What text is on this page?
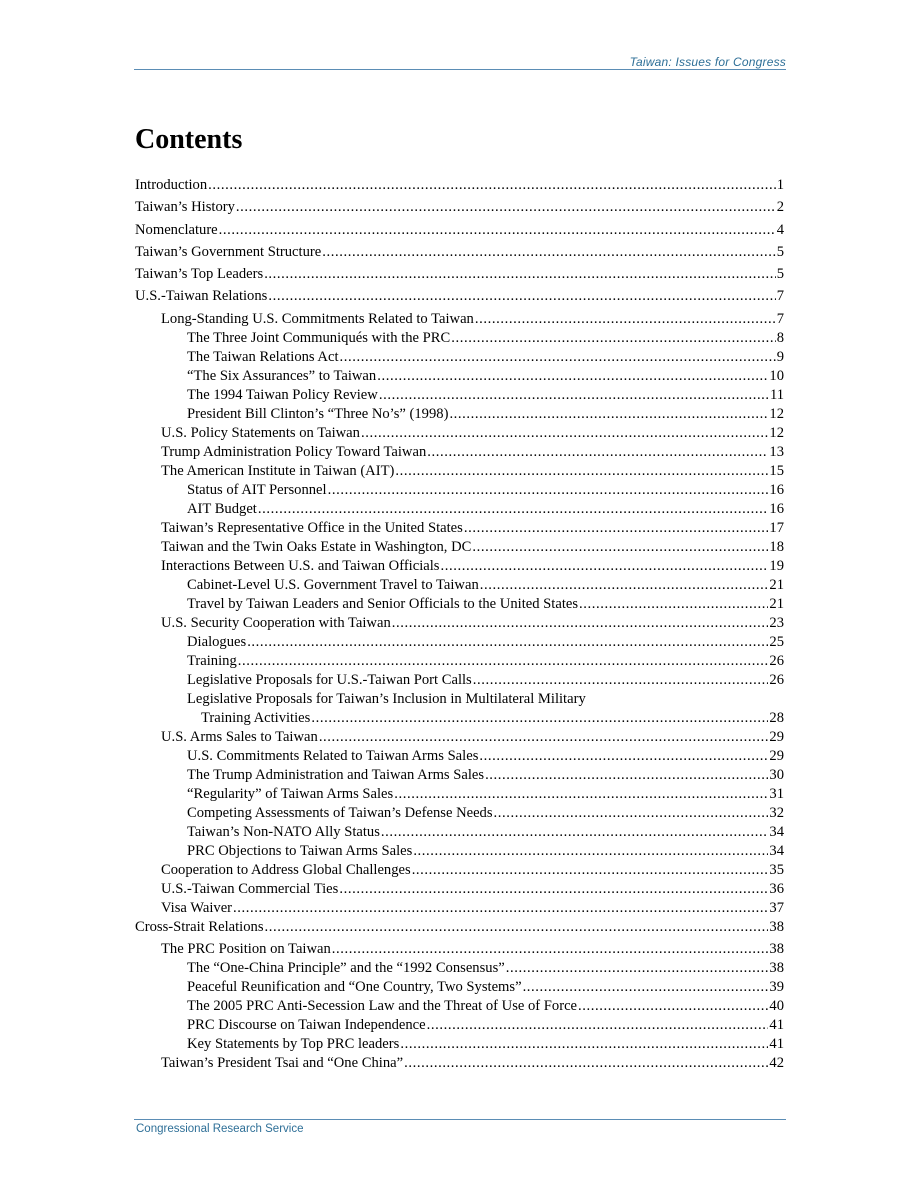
Taiwan: Issues for Congress
Contents
Introduction .....	1
Taiwan’s History .....	2
Nomenclature .....	4
Taiwan’s Government Structure .....	5
Taiwan’s Top Leaders .....	5
U.S.-Taiwan Relations .....	7
Long-Standing U.S. Commitments Related to Taiwan .....	7
The Three Joint Communiqués with the PRC .....	8
The Taiwan Relations Act .....	9
“The Six Assurances” to Taiwan .....	10
The 1994 Taiwan Policy Review .....	11
President Bill Clinton’s “Three No’s” (1998) .....	12
U.S. Policy Statements on Taiwan .....	12
Trump Administration Policy Toward Taiwan .....	13
The American Institute in Taiwan (AIT) .....	15
Status of AIT Personnel .....	16
AIT Budget .....	16
Taiwan’s Representative Office in the United States .....	17
Taiwan and the Twin Oaks Estate in Washington, DC .....	18
Interactions Between U.S. and Taiwan Officials .....	19
Cabinet-Level U.S. Government Travel to Taiwan .....	21
Travel by Taiwan Leaders and Senior Officials to the United States .....	21
U.S. Security Cooperation with Taiwan .....	23
Dialogues .....	25
Training .....	26
Legislative Proposals for U.S.-Taiwan Port Calls .....	26
Legislative Proposals for Taiwan’s Inclusion in Multilateral Military
Training Activities .....	28
U.S. Arms Sales to Taiwan .....	29
U.S. Commitments Related to Taiwan Arms Sales .....	29
The Trump Administration and Taiwan Arms Sales .....	30
“Regularity” of Taiwan Arms Sales .....	31
Competing Assessments of Taiwan’s Defense Needs .....	32
Taiwan’s Non-NATO Ally Status .....	34
PRC Objections to Taiwan Arms Sales .....	34
Cooperation to Address Global Challenges .....	35
U.S.-Taiwan Commercial Ties .....	36
Visa Waiver .....	37
Cross-Strait Relations .....	38
The PRC Position on Taiwan .....	38
The “One-China Principle” and the “1992 Consensus” .....	38
Peaceful Reunification and “One Country, Two Systems” .....	39
The 2005 PRC Anti-Secession Law and the Threat of Use of Force .....	40
PRC Discourse on Taiwan Independence .....	41
Key Statements by Top PRC leaders .....	41
Taiwan’s President Tsai and “One China” .....	42
Congressional Research Service
